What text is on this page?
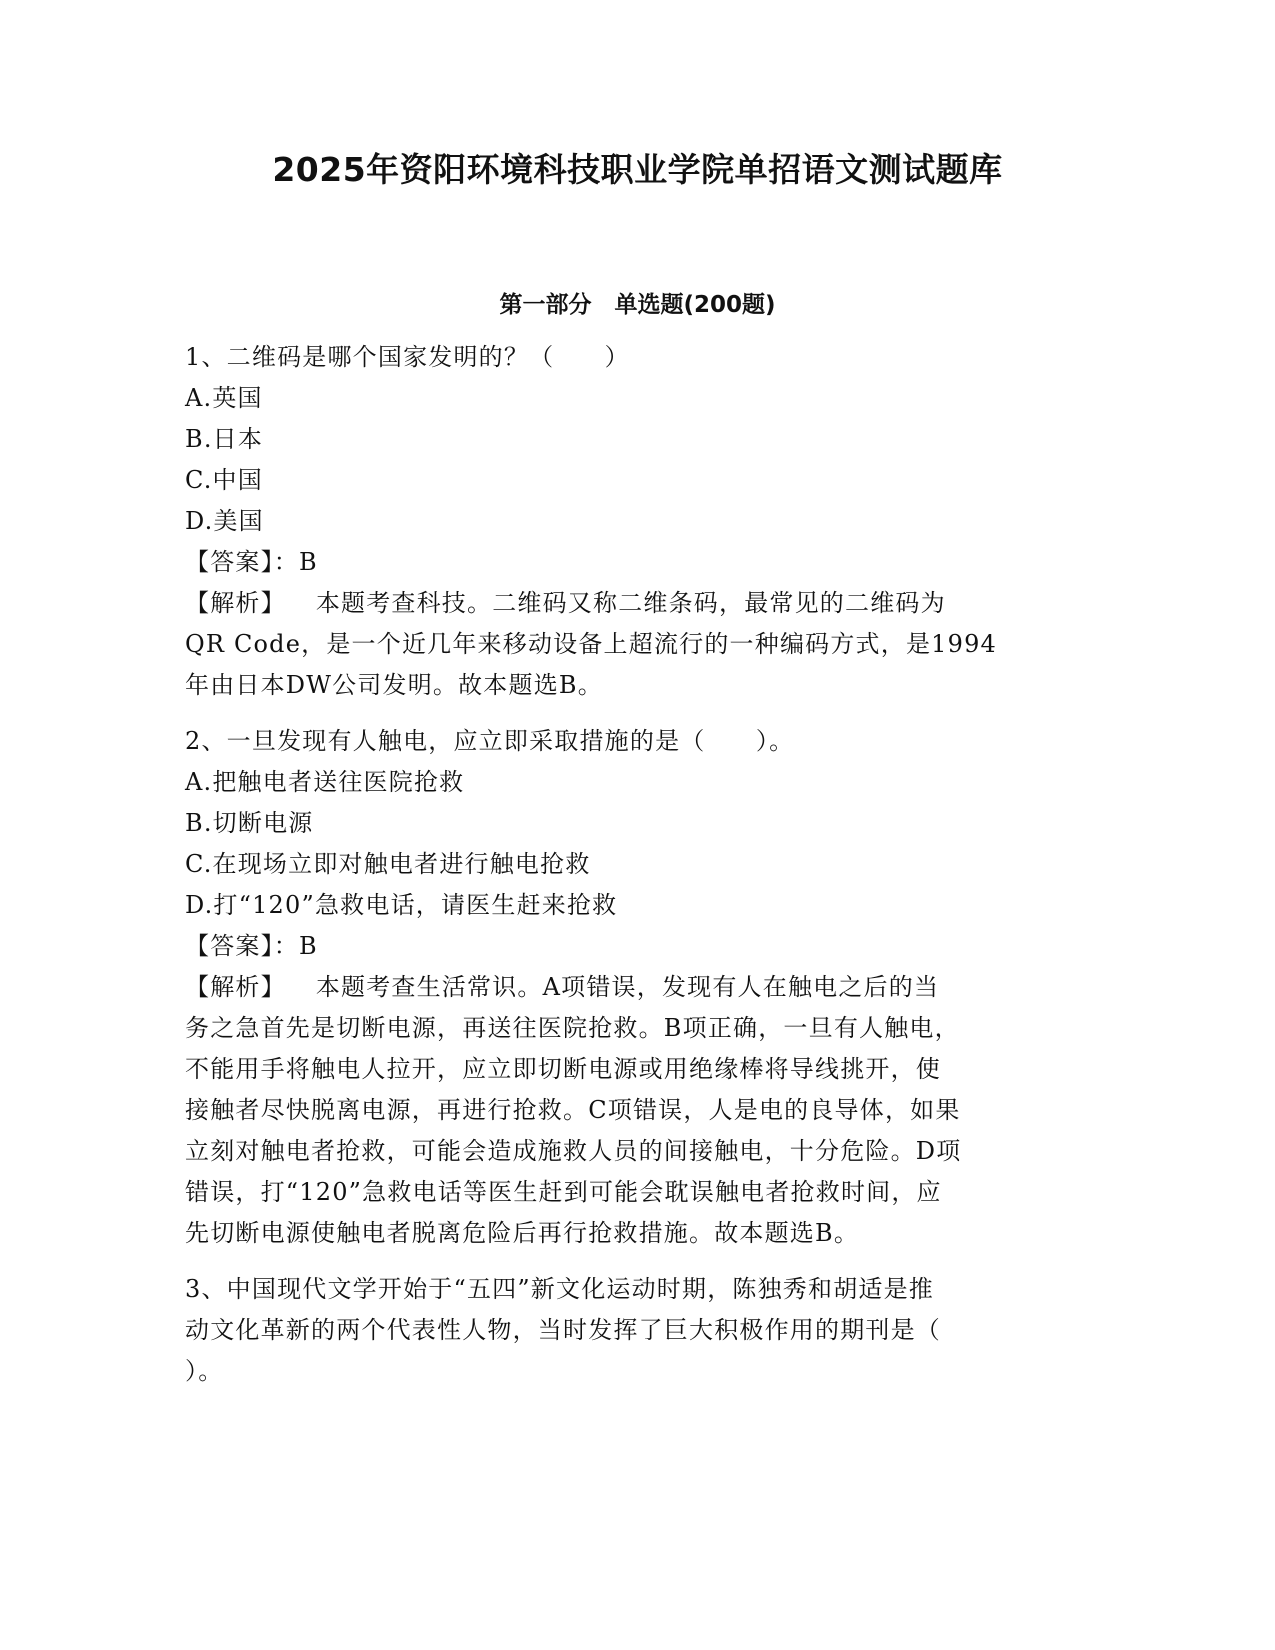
2025年资阳环境科技职业学院单招语文测试题库
第一部分　单选题(200题)
1、二维码是哪个国家发明的？（　　）
A.英国
B.日本
C.中国
D.美国
【答案】：B
【解析】 本题考查科技。二维码又称二维条码，最常见的二维码为
QR Code，是一个近几年来移动设备上超流行的一种编码方式，是1994
年由日本DW公司发明。故本题选B。
2、一旦发现有人触电，应立即采取措施的是（　　）。
A.把触电者送往医院抢救
B.切断电源
C.在现场立即对触电者进行触电抢救
D.打“120”急救电话，请医生赶来抢救
【答案】：B
【解析】 本题考查生活常识。A项错误，发现有人在触电之后的当
务之急首先是切断电源，再送往医院抢救。B项正确，一旦有人触电，
不能用手将触电人拉开，应立即切断电源或用绝缘棒将导线挑开，使
接触者尽快脱离电源，再进行抢救。C项错误，人是电的良导体，如果
立刻对触电者抢救，可能会造成施救人员的间接触电，十分危险。D项
错误，打“120”急救电话等医生赶到可能会耽误触电者抢救时间，应
先切断电源使触电者脱离危险后再行抢救措施。故本题选B。
3、中国现代文学开始于“五四”新文化运动时期，陈独秀和胡适是推
动文化革新的两个代表性人物，当时发挥了巨大积极作用的期刊是（
）。
